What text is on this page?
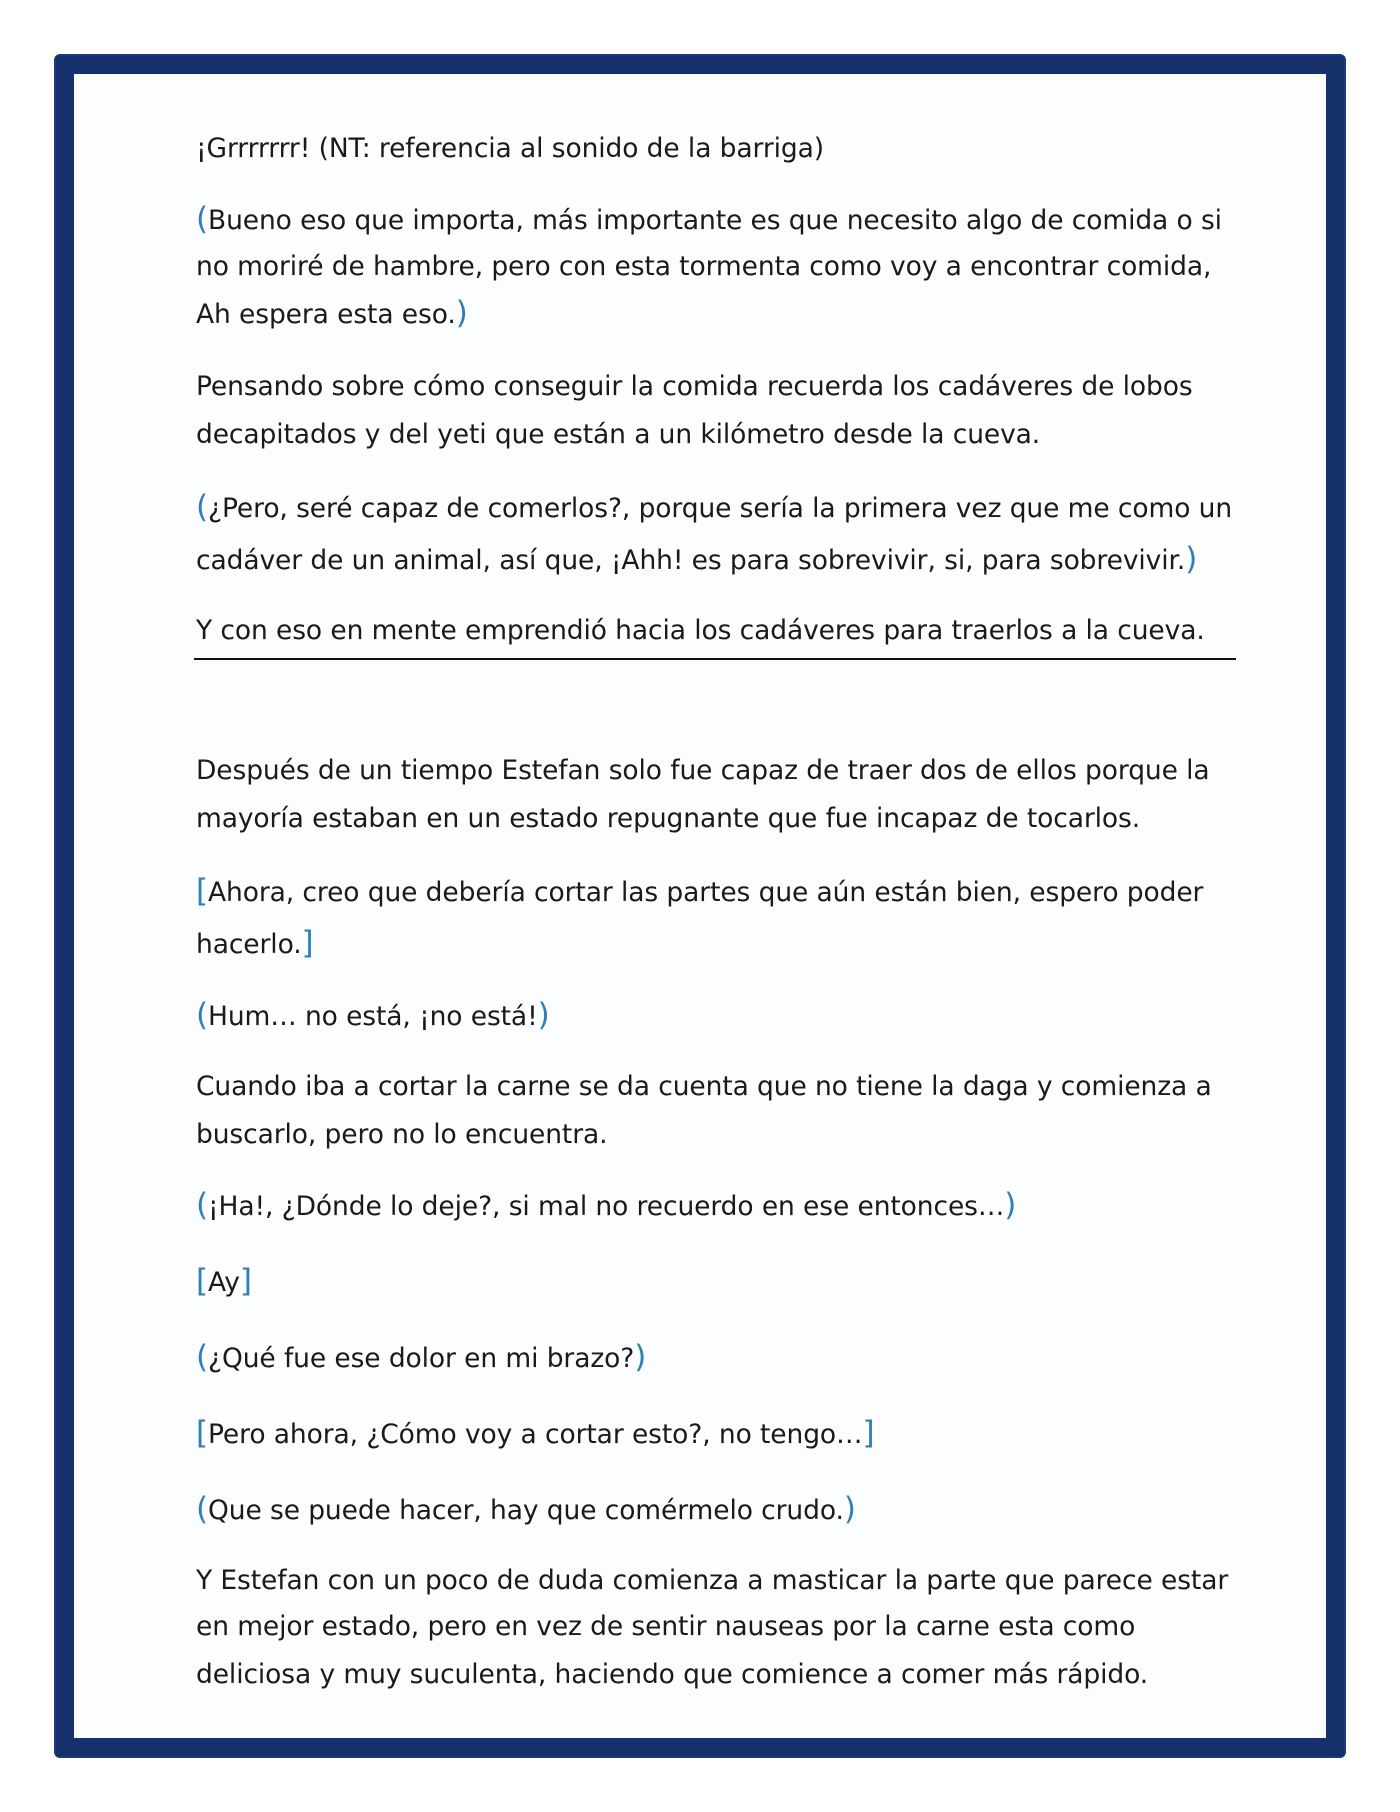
¡Grrrrrrr! (NT: referencia al sonido de la barriga)

(Bueno eso que importa, más importante es que necesito algo de comida o si no moriré de hambre, pero con esta tormenta como voy a encontrar comida, Ah espera esta eso.)

Pensando sobre cómo conseguir la comida recuerda los cadáveres de lobos decapitados y del yeti que están a un kilómetro desde la cueva.

(¿Pero, seré capaz de comerlos?, porque sería la primera vez que me como un cadáver de un animal, así que, ¡Ahh! es para sobrevivir, si, para sobrevivir.)

Y con eso en mente emprendió hacia los cadáveres para traerlos a la cueva.

Después de un tiempo Estefan solo fue capaz de traer dos de ellos porque la mayoría estaban en un estado repugnante que fue incapaz de tocarlos.

[Ahora, creo que debería cortar las partes que aún están bien, espero poder hacerlo.]

(Hum… no está, ¡no está!)

Cuando iba a cortar la carne se da cuenta que no tiene la daga y comienza a buscarlo, pero no lo encuentra.

(¡Ha!, ¿Dónde lo deje?, si mal no recuerdo en ese entonces…)

[Ay]

(¿Qué fue ese dolor en mi brazo?)

[Pero ahora, ¿Cómo voy a cortar esto?, no tengo…]

(Que se puede hacer, hay que comérmelo crudo.)

Y Estefan con un poco de duda comienza a masticar la parte que parece estar en mejor estado, pero en vez de sentir nauseas por la carne esta como deliciosa y muy suculenta, haciendo que comience a comer más rápido.
